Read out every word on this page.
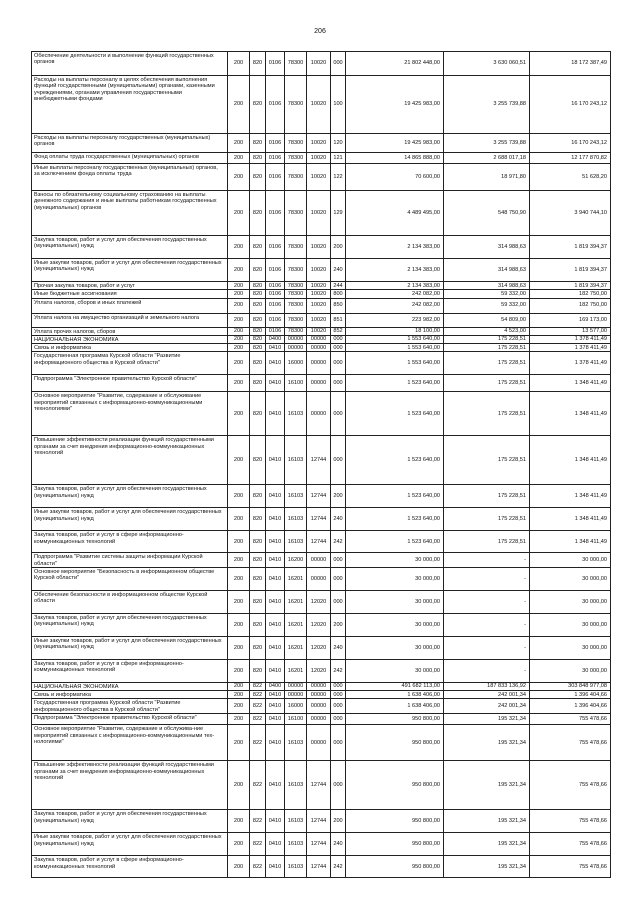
206
Обеспечение деятельности и выполнение функций государственных органов	200	820	0106	78300	10020	000	21 802 448,00	3 630 060,51	18 172 387,49
Расходы на выплаты персоналу в целях обеспечения выполнения функций государственными (муниципальными) органами, казенными учреждениями, органами управления государственными внебюджетными фондами	200	820	0106	78300	10020	100	19 425 983,00	3 255 739,88	16 170 243,12
Расходы на выплаты персоналу государственных (муниципальных) органов	200	820	0106	78300	10020	120	19 425 983,00	3 255 739,88	16 170 243,12
Фонд оплаты труда государственных (муниципальных) органов	200	820	0106	78300	10020	121	14 865 888,00	2 688 017,18	12 177 870,82
Иные выплаты персоналу государственных (муниципальных) органов, за исключением фонда оплаты труда	200	820	0106	78300	10020	122	70 600,00	18 971,80	51 628,20
Взносы по обязательному социальному страхованию на выплаты денежного содержания и иные выплаты работникам государственных (муниципальных) органов	200	820	0106	78300	10020	129	4 489 495,00	548 750,90	3 940 744,10
Закупка товаров, работ и услуг для обеспечения государственных (муниципальных) нужд	200	820	0106	78300	10020	200	2 134 383,00	314 988,63	1 819 394,37
Иные закупки товаров, работ и услуг для обеспечения государственных (муниципальных) нужд	200	820	0106	78300	10020	240	2 134 383,00	314 988,63	1 819 394,37
Прочая закупка товаров, работ и услуг	200	820	0106	78300	10020	244	2 134 383,00	314 988,63	1 819 394,37
Иные бюджетные ассигнования	200	820	0106	78300	10020	800	242 082,00	59 332,00	182 750,00
Уплата налогов, сборов и иных платежей	200	820	0106	78300	10020	850	242 082,00	59 332,00	182 750,00
Уплата налога на имущество организаций и земельного налога	200	820	0106	78300	10020	851	223 982,00	54 809,00	169 173,00
Уплата прочих налогов, сборов	200	820	0106	78300	10020	852	18 100,00	4 523,00	13 577,00
НАЦИОНАЛЬНАЯ ЭКОНОМИКА	200	820	0400	00000	00000	000	1 553 640,00	175 228,51	1 378 411,49
Связь и информатика	200	820	0410	00000	00000	000	1 553 640,00	175 228,51	1 378 411,49
Государственная программа Курской области "Развитие информационного общества в Курской области"	200	820	0410	16000	00000	000	1 553 640,00	175 228,51	1 378 411,49
Подпрограмма "Электронное правительство Курской области"	200	820	0410	16100	00000	000	1 523 640,00	175 228,51	1 348 411,49
Основное мероприятие "Развитие, содержание и обслуживание мероприятий связанных с информационно-коммуникационными технологиями"	200	820	0410	16103	00000	000	1 523 640,00	175 228,51	1 348 411,49
Повышение эффективности реализации функций государственными органами за счет внедрения информационно-коммуникационных технологий	200	820	0410	16103	12744	000	1 523 640,00	175 228,51	1 348 411,49
Закупка товаров, работ и услуг для обеспечения государственных (муниципальных) нужд	200	820	0410	16103	12744	200	1 523 640,00	175 228,51	1 348 411,49
Иные закупки товаров, работ и услуг для обеспечения государственных (муниципальных) нужд	200	820	0410	16103	12744	240	1 523 640,00	175 228,51	1 348 411,49
Закупка товаров, работ и услуг в сфере информационно-коммуникационных технологий	200	820	0410	16103	12744	242	1 523 640,00	175 228,51	1 348 411,49
Подпрограмма "Развитие системы защиты информации Курской области"	200	820	0410	16200	00000	000	30 000,00	-	30 000,00
Основное мероприятие "Безопасность в информационном обществе Курской области"	200	820	0410	16201	00000	000	30 000,00	-	30 000,00
Обеспечение безопасности в информационном обществе Курской области	200	820	0410	16201	12020	000	30 000,00	-	30 000,00
Закупка товаров, работ и услуг для обеспечения государственных (муниципальных) нужд	200	820	0410	16201	12020	200	30 000,00	-	30 000,00
Иные закупки товаров, работ и услуг для обеспечения государственных (муниципальных) нужд	200	820	0410	16201	12020	240	30 000,00	-	30 000,00
Закупка товаров, работ и услуг в сфере информационно-коммуникационных технологий	200	820	0410	16201	12020	242	30 000,00	-	30 000,00
НАЦИОНАЛЬНАЯ ЭКОНОМИКА	200	822	0400	00000	00000	000	491 682 113,00	187 833 136,92	303 848 977,08
Связь и информатика	200	822	0410	00000	00000	000	1 638 406,00	242 001,34	1 396 404,66
Государственная программа Курской области "Развитие информационного общества в Курской области"	200	822	0410	16000	00000	000	1 638 406,00	242 001,34	1 396 404,66
Подпрограмма "Электронное правительство Курской области"	200	822	0410	16100	00000	000	950 800,00	195 321,34	755 478,66
Основное мероприятие "Развитие, содержание и обслужива-ние мероприятий связанных с информационно-коммуникационными тех-нологиями"	200	822	0410	16103	00000	000	950 800,00	195 321,34	755 478,66
Повышение эффективности реализации функций государственными органами за счет внедрения информационно-коммуникационных технологий	200	822	0410	16103	12744	000	950 800,00	195 321,34	755 478,66
Закупка товаров, работ и услуг для обеспечения государственных (муниципальных) нужд	200	822	0410	16103	12744	200	950 800,00	195 321,34	755 478,66
Иные закупки товаров, работ и услуг для обеспечения государственных (муниципальных) нужд	200	822	0410	16103	12744	240	950 800,00	195 321,34	755 478,66
Закупка товаров, работ и услуг в сфере информационно-коммуникационных технологий	200	822	0410	16103	12744	242	950 800,00	195 321,34	755 478,66
